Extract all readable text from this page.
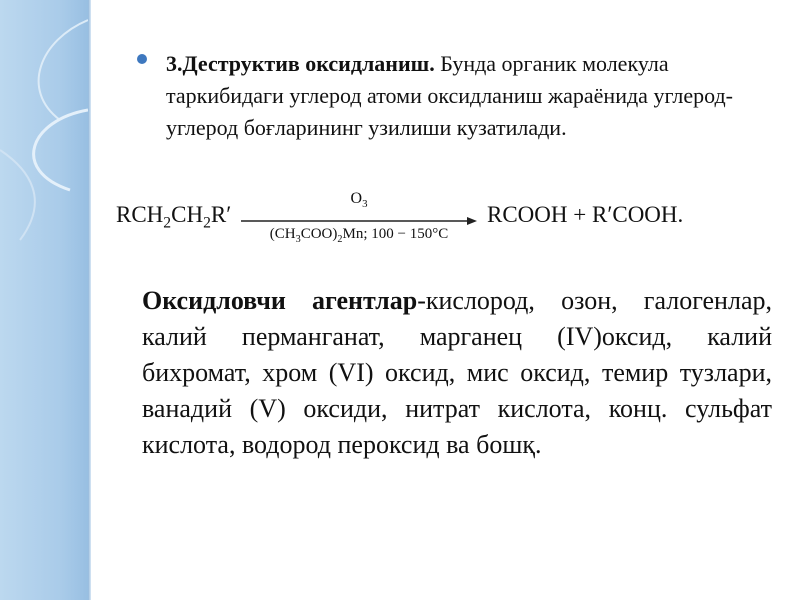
3.Деструктив оксидланиш. Бунда органик молекула таркибидаги углерод атоми оксидланиш жараёнида углерод-углерод боғларининг узилиши кузатилади.
$RCH_2CH_2R'$
$O_3$
$(CH_3COO)_2Mn$; 100 − 150°C
RCOOH + R′COOH.
Оксидловчи агентлар-кислород, озон, галогенлар, калий перманганат, марганец (IV)оксид, калий бихромат, хром (VI) оксид, мис оксид, темир тузлари, ванадий (V) оксиди, нитрат кислота, конц. сульфат кислота, водород пероксид ва бошқ.
